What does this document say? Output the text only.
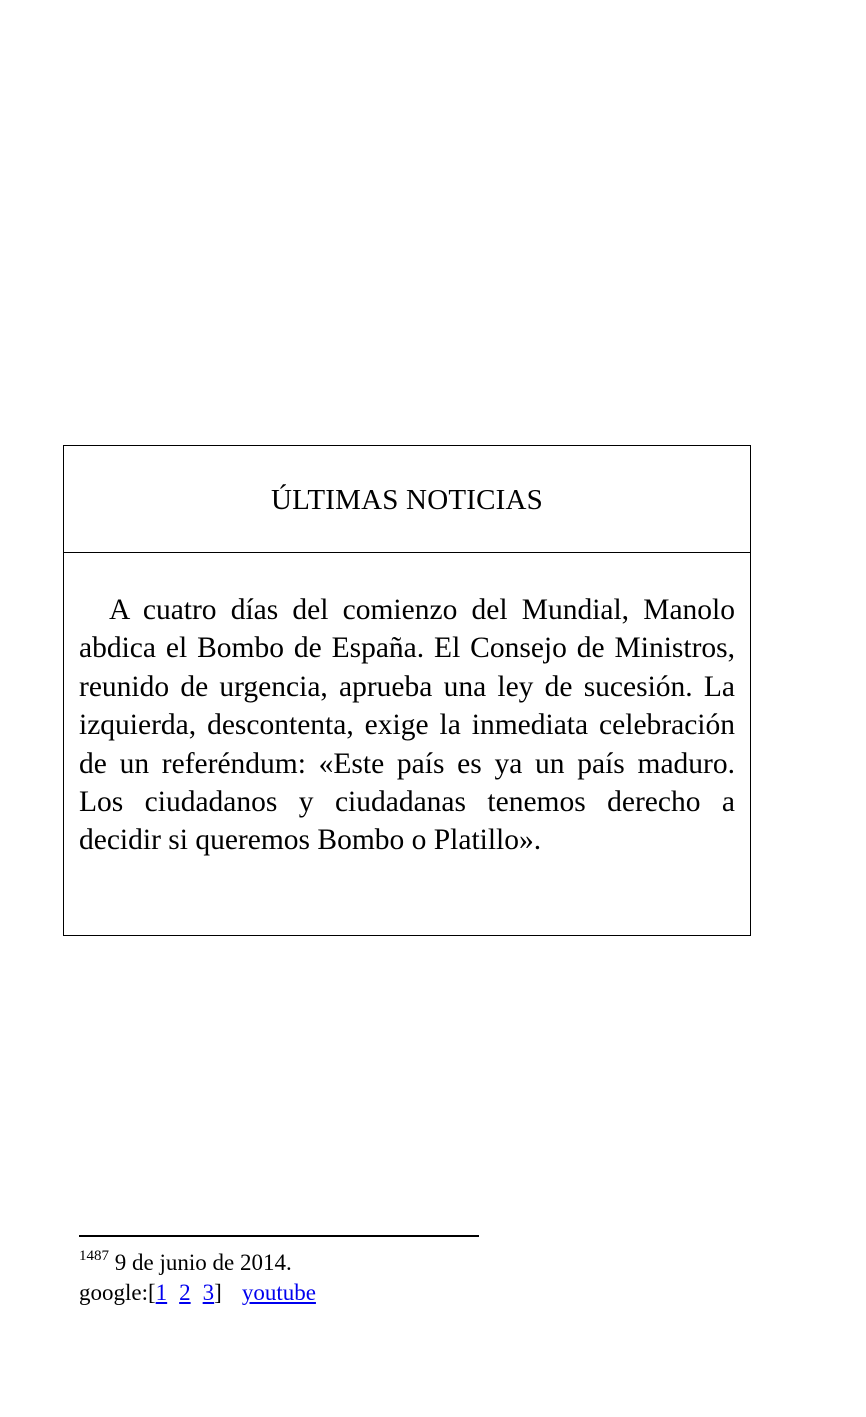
ÚLTIMAS NOTICIAS

A cuatro días del comienzo del Mundial, Manolo abdica el Bombo de España. El Consejo de Ministros, reunido de urgencia, aprueba una ley de sucesión. La izquierda, descontenta, exige la inmediata celebración de un referéndum: «Este país es ya un país maduro. Los ciudadanos y ciudadanas tenemos derecho a decidir si queremos Bombo o Platillo».

$^{1487}$ 9 de junio de 2014.
google:[1 2 3] youtube
